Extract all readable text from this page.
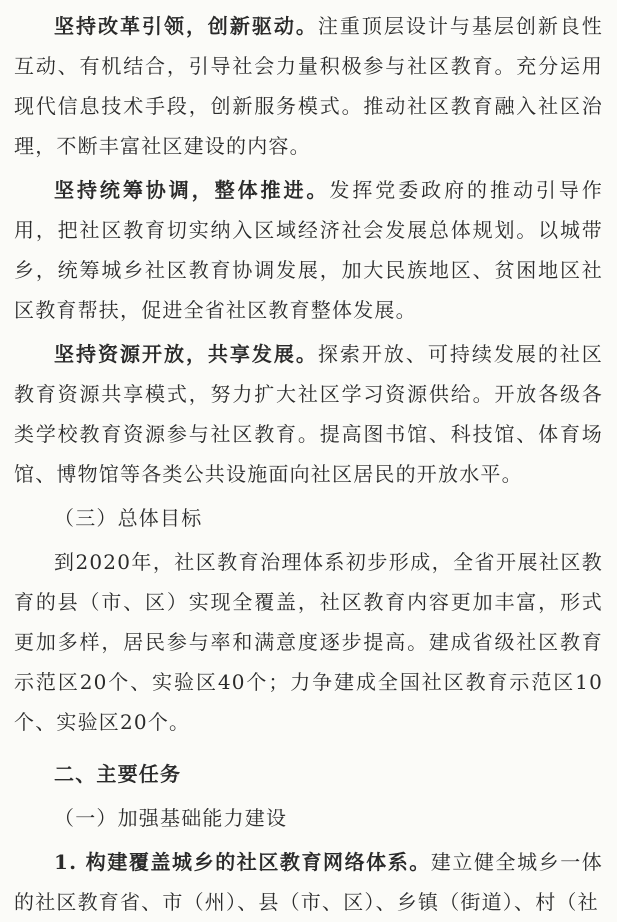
坚持改革引领，创新驱动。注重顶层设计与基层创新良性互动、有机结合，引导社会力量积极参与社区教育。充分运用现代信息技术手段，创新服务模式。推动社区教育融入社区治理，不断丰富社区建设的内容。

坚持统筹协调，整体推进。发挥党委政府的推动引导作用，把社区教育切实纳入区域经济社会发展总体规划。以城带乡，统筹城乡社区教育协调发展，加大民族地区、贫困地区社区教育帮扶，促进全省社区教育整体发展。

坚持资源开放，共享发展。探索开放、可持续发展的社区教育资源共享模式，努力扩大社区学习资源供给。开放各级各类学校教育资源参与社区教育。提高图书馆、科技馆、体育场馆、博物馆等各类公共设施面向社区居民的开放水平。

（三）总体目标

到2020年，社区教育治理体系初步形成，全省开展社区教育的县（市、区）实现全覆盖，社区教育内容更加丰富，形式更加多样，居民参与率和满意度逐步提高。建成省级社区教育示范区20个、实验区40个；力争建成全国社区教育示范区10个、实验区20个。

二、主要任务

（一）加强基础能力建设

1. 构建覆盖城乡的社区教育网络体系。建立健全城乡一体的社区教育省、市（州）、县（市、区）、乡镇（街道）、村（社
